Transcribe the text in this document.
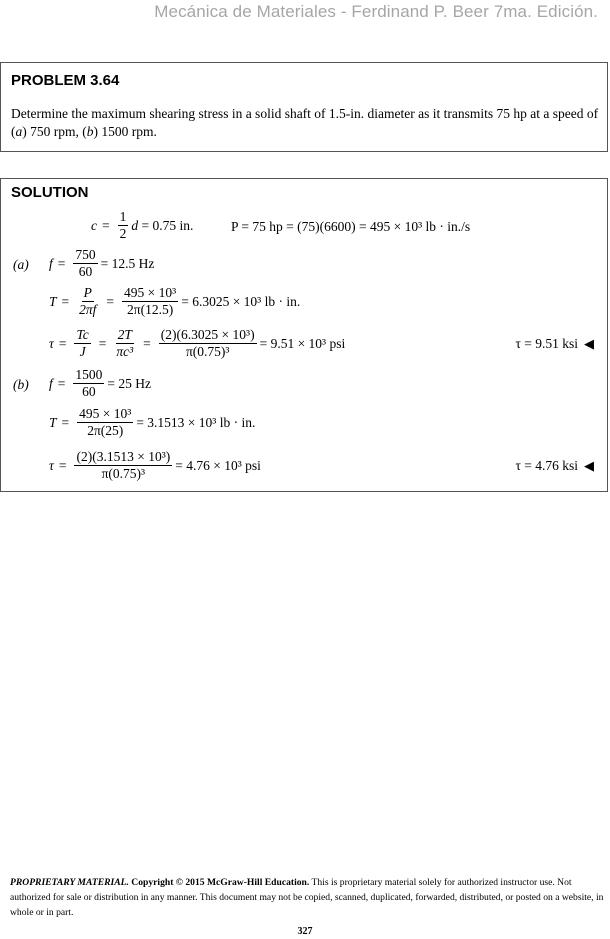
Mecánica de Materiales - Ferdinand P. Beer 7ma. Edición.
PROBLEM 3.64
Determine the maximum shearing stress in a solid shaft of 1.5-in. diameter as it transmits 75 hp at a speed of (a) 750 rpm, (b) 1500 rpm.
SOLUTION
$c = \frac{1}{2}$ d
= 0.75 in.	P = 75 hp = (75)(6600) = 495 × 10³ lb · in./s
(a) $f = \frac{750}{60} = 12.5$ Hz
$T = \frac{P}{2\pi f} = \frac{\text{495 × 10³}}{2\pi(12.5)} = 6.3025 \times 10^3$ lb · in.
$\tau = \frac{Tc}{J} = \frac{2T}{\text{πc³}} = \frac{\text{(2)(6.3025 × 10³)}}{\text{π(0.75)³}} = 9.51 \times 10^3$ psi	τ = 9.51 ksi ◀
(b) $f = \frac{1500}{60} = 25$ Hz
$T = \frac{\text{495 × 10³}}{2\pi(25)} = 3.1513 \times 10^3$ lb · in.
$\tau = \frac{\text{(2)(3.1513 × 10³)}}{\text{π(0.75)³}} = 4.76 \times 10^3$ psi	τ = 4.76 ksi ◀
PROPRIETARY MATERIAL. Copyright © 2015 McGraw-Hill Education. This is proprietary material solely for authorized instructor use. Not authorized for sale or distribution in any manner. This document may not be copied, scanned, duplicated, forwarded, distributed, or posted on a website, in whole or in part.
327
